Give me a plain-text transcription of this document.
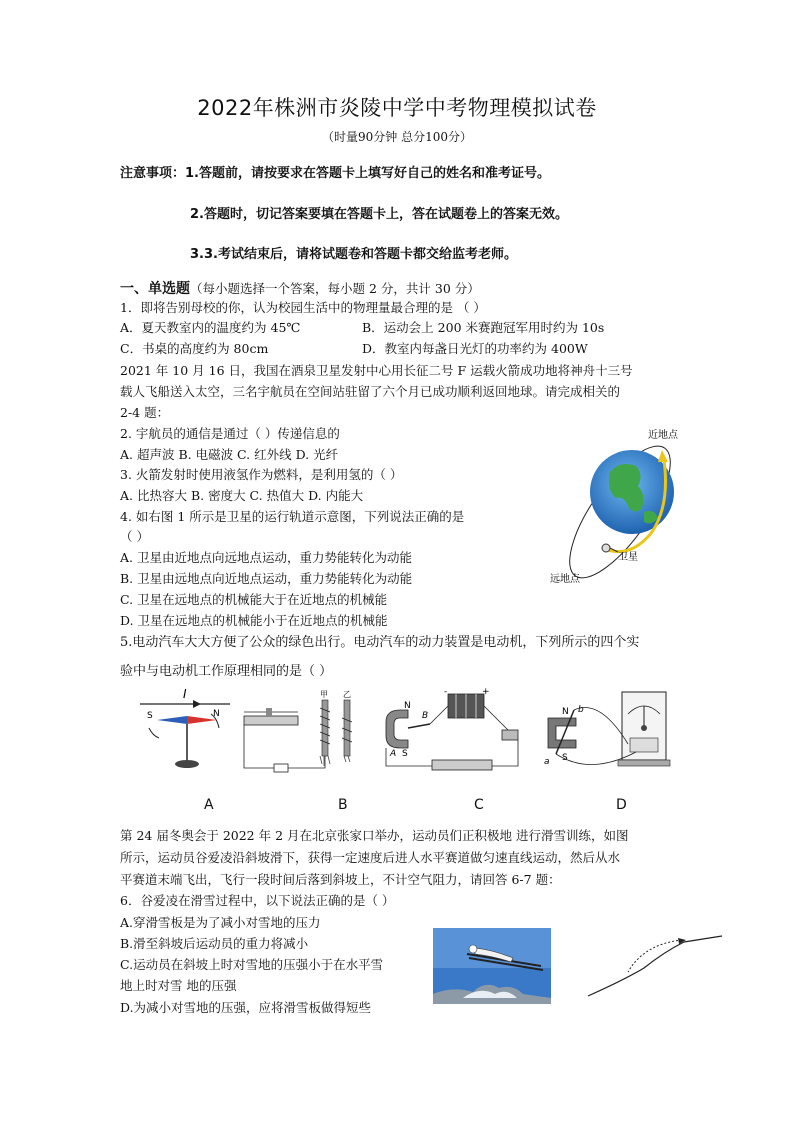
2022年株洲市炎陵中学中考物理模拟试卷
（时量90分钟 总分100分）
注意事项：1.答题前，请按要求在答题卡上填写好自己的姓名和准考证号。
2.答题时，切记答案要填在答题卡上，答在试题卷上的答案无效。
3.3.考试结束后，请将试题卷和答题卡都交给监考老师。
一、单选题（每小题选择一个答案，每小题 2 分，共计 30 分）
1．即将告别母校的你，认为校园生活中的物理量最合理的是 （ ）
A．夏天教室内的温度约为 45℃	B．运动会上 200 米赛跑冠军用时约为 10s
C．书桌的高度约为 80cm	D．教室内每盏日光灯的功率约为 400W
2021 年 10 月 16 日，我国在酒泉卫星发射中心用长征二号 F 运载火箭成功地将神舟十三号
载人飞船送入太空，三名宇航员在空间站驻留了六个月已成功顺利返回地球。请完成相关的
2-4 题：
2. 宇航员的通信是通过（ ）传递信息的
A. 超声波 B. 电磁波 C. 红外线 D. 光纤
3. 火箭发射时使用液氢作为燃料，是利用氢的（ ）
A. 比热容大 B. 密度大 C. 热值大 D. 内能大
4. 如右图 1 所示是卫星的运行轨道示意图，下列说法正确的是
（ ）
A. 卫星由近地点向远地点运动，重力势能转化为动能
B. 卫星由远地点向近地点运动，重力势能转化为动能
C. 卫星在远地点的机械能大于在近地点的机械能
D. 卫星在远地点的机械能小于在近地点的机械能
卫星
近地点
远地点
5.电动汽车大大方便了公众的绿色出行。电动汽车的动力装置是电动机，下列所示的四个实
验中与电动机工作原理相同的是（ ）
I
S	N
甲 乙	-	+
N
B
A S
N b
S
a
A	B	C	D
第 24 届冬奥会于 2022 年 2 月在北京张家口举办，运动员们正积极地 进行滑雪训练，如图
所示，运动员谷爱凌沿斜坡滑下，获得一定速度后进人水平赛道做匀速直线运动，然后从水
平赛道末端飞出，飞行一段时间后落到斜坡上，不计空气阻力，请回答 6-7 题：
6．谷爱凌在滑雪过程中，以下说法正确的是（ ）
A.穿滑雪板是为了减小对雪地的压力
B.滑至斜坡后运动员的重力将减小
C.运动员在斜坡上时对雪地的压强小于在水平雪
地上时对雪 地的压强
D.为减小对雪地的压强，应将滑雪板做得短些
